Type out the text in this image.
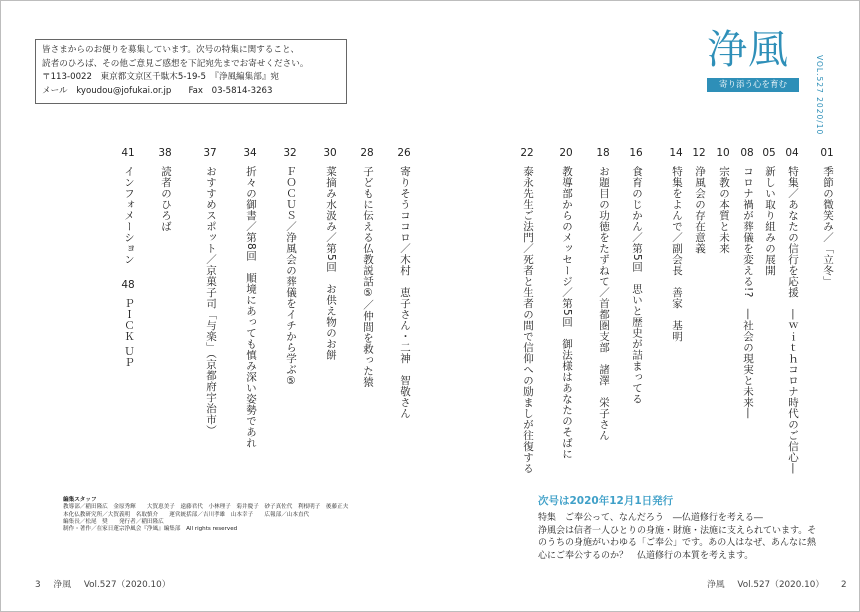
皆さまからのお便りを募集しています。次号の特集に関すること、
読者のひろば、その他ご意見ご感想を下記宛先までお寄せください。
〒113-0022　東京都文京区千駄木5-19-5　『浄風編集部』宛
メール　kyoudou@jofukai.or.jp　　Fax　03-5814-3263
浄風
寄り添う心を育む	VOL.527 2020/10
01
季節の微笑み／「立冬」
04
特集／あなたの信行を応援　―ｗｉｔｈコロナ時代のご信心―
05
新しい取り組みの展開
08
コロナ禍が葬儀を変える!?　―社会の現実と未来―
10
宗教の本質と未来
12
浄風会の存在意義
14
特集をよんで／副会長　善家　基明
16
食育のじかん／第5回　思いと歴史が詰まってる
18
お題目の功徳をたずねて／首都圏支部　諸澤　栄子さん
20
教導部からのメッセージ／第5回　御法様はあなたのそばに
22
泰永先生ご法門／死者と生者の間で信仰への励ましが往復する
26
寄りそうココロ／木村　恵子さん・二神　智敬さん
28
子どもに伝える仏教説話⑤／仲間を救った猿
30
菜摘み水汲み／第5回　お供え物のお餅
32
ＦＯＣＵＳ／浄風会の葬儀をイチから学ぶ⑤
34
折々の御書／第8回　順境にあっても慎み深い姿勢であれ
37
おすすめスポット／京菓子司「与楽」（京都府宇治市）
38
読者のひろば
41
インフォメーション
48
ＰＩＣＫ ＵＰ
編集スタッフ
教導部／稲田隆広　金原秀輝　　大賀恵美子　遠藤君代　小林理子　菊井慶子　砂子真佐代　利根明子　後藤正夫
本化仏教研究所／大賀義明　名取慎介　　運営統括部／吉川孝雄　山本幸子　　広報部／山本直代
編集長／松尾　奨　　発行者／稲田隆広
制作・著作／在家日蓮宗浄風会『浄風』編集部　All rights reserved
次号は2020年12月1日発行
特集　ご奉公って、なんだろう　―仏道修行を考える―
浄風会は信者一人ひとりの身施・財施・法施に支えられています。そ
のうちの身施がいわゆる「ご奉公」です。あの人はなぜ、あんなに熱
心にご奉公するのか？　仏道修行の本質を考えます。
3 浄風 Vol.527（2020.10）	浄風 Vol.527（2020.10） 2
